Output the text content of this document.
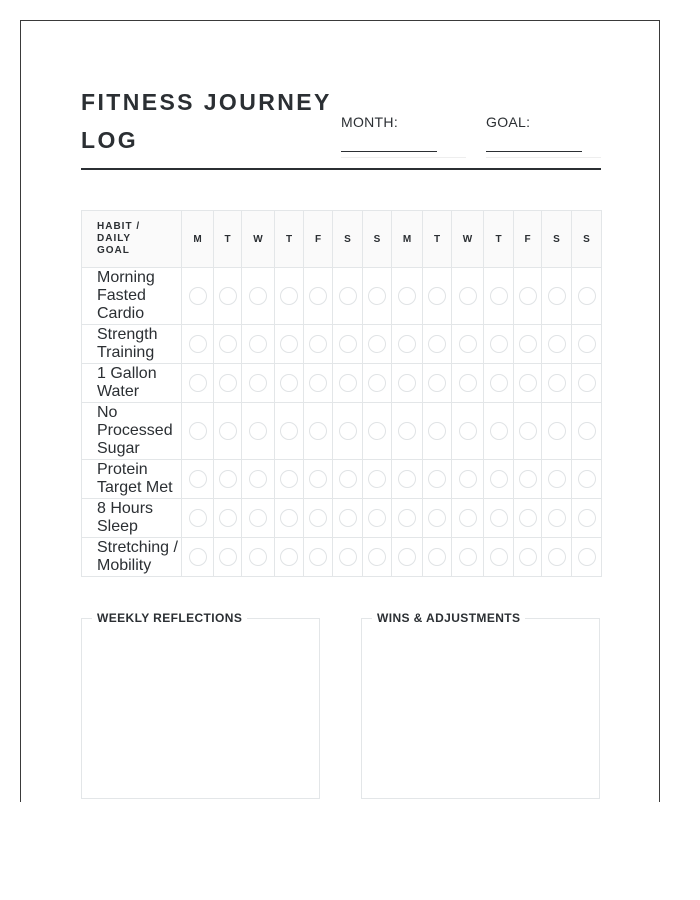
FITNESS JOURNEY LOG
MONTH:	GOAL:
HABIT / DAILY GOAL	M	T	W	T	F	S	S	M	T	W	T	F	S	S

Morning Fasted Cardio														

Strength Training														

1 Gallon Water														

No Processed Sugar														

Protein Target Met														

8 Hours Sleep														

Stretching / Mobility														

WEEKLY REFLECTIONS	WINS & ADJUSTMENTS
